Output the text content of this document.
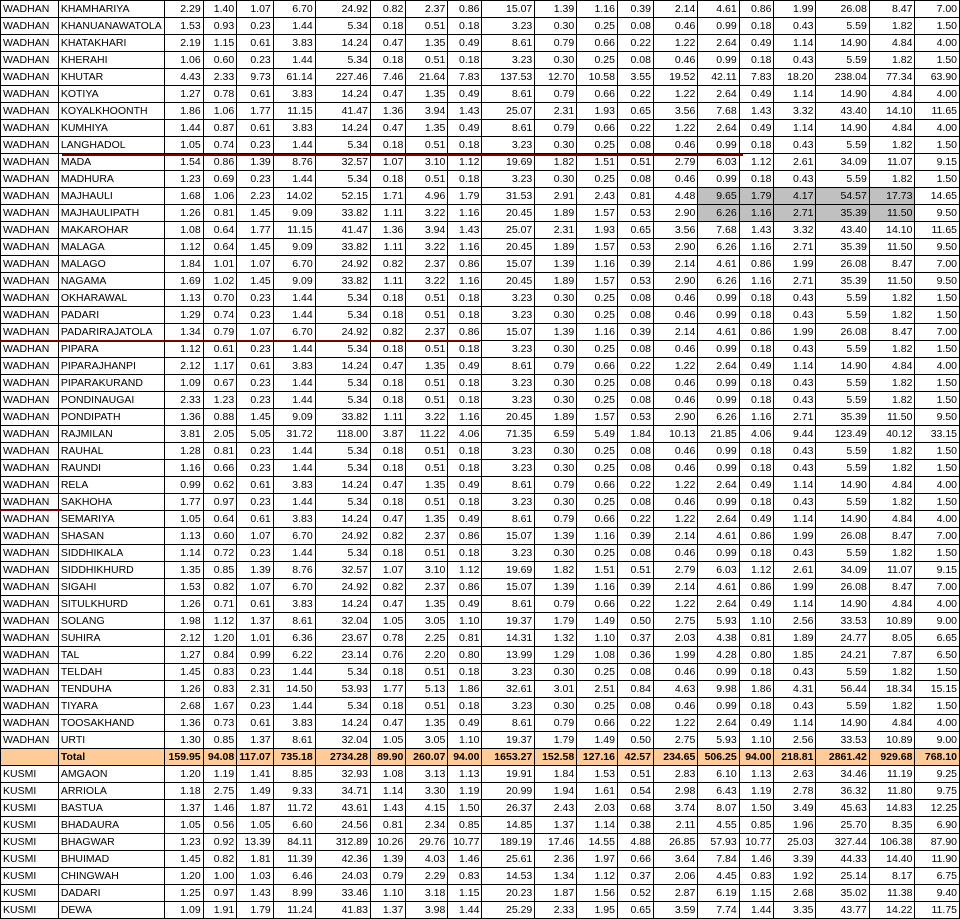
WADHAN	KHAMHARIYA	2.29	1.40	1.07	6.70	24.92	0.82	2.37	0.86	15.07	1.39	1.16	0.39	2.14	4.61	0.86	1.99	26.08	8.47	7.00
WADHAN	KHANUANAWATOLA	1.53	0.93	0.23	1.44	5.34	0.18	0.51	0.18	3.23	0.30	0.25	0.08	0.46	0.99	0.18	0.43	5.59	1.82	1.50
WADHAN	KHATAKHARI	2.19	1.15	0.61	3.83	14.24	0.47	1.35	0.49	8.61	0.79	0.66	0.22	1.22	2.64	0.49	1.14	14.90	4.84	4.00
WADHAN	KHERAHI	1.06	0.60	0.23	1.44	5.34	0.18	0.51	0.18	3.23	0.30	0.25	0.08	0.46	0.99	0.18	0.43	5.59	1.82	1.50
WADHAN	KHUTAR	4.43	2.33	9.73	61.14	227.46	7.46	21.64	7.83	137.53	12.70	10.58	3.55	19.52	42.11	7.83	18.20	238.04	77.34	63.90
WADHAN	KOTIYA	1.27	0.78	0.61	3.83	14.24	0.47	1.35	0.49	8.61	0.79	0.66	0.22	1.22	2.64	0.49	1.14	14.90	4.84	4.00
WADHAN	KOYALKHOONTH	1.86	1.06	1.77	11.15	41.47	1.36	3.94	1.43	25.07	2.31	1.93	0.65	3.56	7.68	1.43	3.32	43.40	14.10	11.65
WADHAN	KUMHIYA	1.44	0.87	0.61	3.83	14.24	0.47	1.35	0.49	8.61	0.79	0.66	0.22	1.22	2.64	0.49	1.14	14.90	4.84	4.00
WADHAN	LANGHADOL	1.05	0.74	0.23	1.44	5.34	0.18	0.51	0.18	3.23	0.30	0.25	0.08	0.46	0.99	0.18	0.43	5.59	1.82	1.50
WADHAN	MADA	1.54	0.86	1.39	8.76	32.57	1.07	3.10	1.12	19.69	1.82	1.51	0.51	2.79	6.03	1.12	2.61	34.09	11.07	9.15
WADHAN	MADHURA	1.23	0.69	0.23	1.44	5.34	0.18	0.51	0.18	3.23	0.30	0.25	0.08	0.46	0.99	0.18	0.43	5.59	1.82	1.50
WADHAN	MAJHAULI	1.68	1.06	2.23	14.02	52.15	1.71	4.96	1.79	31.53	2.91	2.43	0.81	4.48	9.65	1.79	4.17	54.57	17.73	14.65
WADHAN	MAJHAULIPATH	1.26	0.81	1.45	9.09	33.82	1.11	3.22	1.16	20.45	1.89	1.57	0.53	2.90	6.26	1.16	2.71	35.39	11.50	9.50
WADHAN	MAKAROHAR	1.08	0.64	1.77	11.15	41.47	1.36	3.94	1.43	25.07	2.31	1.93	0.65	3.56	7.68	1.43	3.32	43.40	14.10	11.65
WADHAN	MALAGA	1.12	0.64	1.45	9.09	33.82	1.11	3.22	1.16	20.45	1.89	1.57	0.53	2.90	6.26	1.16	2.71	35.39	11.50	9.50
WADHAN	MALAGO	1.84	1.01	1.07	6.70	24.92	0.82	2.37	0.86	15.07	1.39	1.16	0.39	2.14	4.61	0.86	1.99	26.08	8.47	7.00
WADHAN	NAGAMA	1.69	1.02	1.45	9.09	33.82	1.11	3.22	1.16	20.45	1.89	1.57	0.53	2.90	6.26	1.16	2.71	35.39	11.50	9.50
WADHAN	OKHARAWAL	1.13	0.70	0.23	1.44	5.34	0.18	0.51	0.18	3.23	0.30	0.25	0.08	0.46	0.99	0.18	0.43	5.59	1.82	1.50
WADHAN	PADARI	1.29	0.74	0.23	1.44	5.34	0.18	0.51	0.18	3.23	0.30	0.25	0.08	0.46	0.99	0.18	0.43	5.59	1.82	1.50
WADHAN	PADARIRAJATOLA	1.34	0.79	1.07	6.70	24.92	0.82	2.37	0.86	15.07	1.39	1.16	0.39	2.14	4.61	0.86	1.99	26.08	8.47	7.00
WADHAN	PIPARA	1.12	0.61	0.23	1.44	5.34	0.18	0.51	0.18	3.23	0.30	0.25	0.08	0.46	0.99	0.18	0.43	5.59	1.82	1.50
WADHAN	PIPARAJHANPI	2.12	1.17	0.61	3.83	14.24	0.47	1.35	0.49	8.61	0.79	0.66	0.22	1.22	2.64	0.49	1.14	14.90	4.84	4.00
WADHAN	PIPARAKURAND	1.09	0.67	0.23	1.44	5.34	0.18	0.51	0.18	3.23	0.30	0.25	0.08	0.46	0.99	0.18	0.43	5.59	1.82	1.50
WADHAN	PONDINAUGAI	2.33	1.23	0.23	1.44	5.34	0.18	0.51	0.18	3.23	0.30	0.25	0.08	0.46	0.99	0.18	0.43	5.59	1.82	1.50
WADHAN	PONDIPATH	1.36	0.88	1.45	9.09	33.82	1.11	3.22	1.16	20.45	1.89	1.57	0.53	2.90	6.26	1.16	2.71	35.39	11.50	9.50
WADHAN	RAJMILAN	3.81	2.05	5.05	31.72	118.00	3.87	11.22	4.06	71.35	6.59	5.49	1.84	10.13	21.85	4.06	9.44	123.49	40.12	33.15
WADHAN	RAUHAL	1.28	0.81	0.23	1.44	5.34	0.18	0.51	0.18	3.23	0.30	0.25	0.08	0.46	0.99	0.18	0.43	5.59	1.82	1.50
WADHAN	RAUNDI	1.16	0.66	0.23	1.44	5.34	0.18	0.51	0.18	3.23	0.30	0.25	0.08	0.46	0.99	0.18	0.43	5.59	1.82	1.50
WADHAN	RELA	0.99	0.62	0.61	3.83	14.24	0.47	1.35	0.49	8.61	0.79	0.66	0.22	1.22	2.64	0.49	1.14	14.90	4.84	4.00
WADHAN	SAKHOHA	1.77	0.97	0.23	1.44	5.34	0.18	0.51	0.18	3.23	0.30	0.25	0.08	0.46	0.99	0.18	0.43	5.59	1.82	1.50
WADHAN	SEMARIYA	1.05	0.64	0.61	3.83	14.24	0.47	1.35	0.49	8.61	0.79	0.66	0.22	1.22	2.64	0.49	1.14	14.90	4.84	4.00
WADHAN	SHASAN	1.13	0.60	1.07	6.70	24.92	0.82	2.37	0.86	15.07	1.39	1.16	0.39	2.14	4.61	0.86	1.99	26.08	8.47	7.00
WADHAN	SIDDHIKALA	1.14	0.72	0.23	1.44	5.34	0.18	0.51	0.18	3.23	0.30	0.25	0.08	0.46	0.99	0.18	0.43	5.59	1.82	1.50
WADHAN	SIDDHIKHURD	1.35	0.85	1.39	8.76	32.57	1.07	3.10	1.12	19.69	1.82	1.51	0.51	2.79	6.03	1.12	2.61	34.09	11.07	9.15
WADHAN	SIGAHI	1.53	0.82	1.07	6.70	24.92	0.82	2.37	0.86	15.07	1.39	1.16	0.39	2.14	4.61	0.86	1.99	26.08	8.47	7.00
WADHAN	SITULKHURD	1.26	0.71	0.61	3.83	14.24	0.47	1.35	0.49	8.61	0.79	0.66	0.22	1.22	2.64	0.49	1.14	14.90	4.84	4.00
WADHAN	SOLANG	1.98	1.12	1.37	8.61	32.04	1.05	3.05	1.10	19.37	1.79	1.49	0.50	2.75	5.93	1.10	2.56	33.53	10.89	9.00
WADHAN	SUHIRA	2.12	1.20	1.01	6.36	23.67	0.78	2.25	0.81	14.31	1.32	1.10	0.37	2.03	4.38	0.81	1.89	24.77	8.05	6.65
WADHAN	TAL	1.27	0.84	0.99	6.22	23.14	0.76	2.20	0.80	13.99	1.29	1.08	0.36	1.99	4.28	0.80	1.85	24.21	7.87	6.50
WADHAN	TELDAH	1.45	0.83	0.23	1.44	5.34	0.18	0.51	0.18	3.23	0.30	0.25	0.08	0.46	0.99	0.18	0.43	5.59	1.82	1.50
WADHAN	TENDUHA	1.26	0.83	2.31	14.50	53.93	1.77	5.13	1.86	32.61	3.01	2.51	0.84	4.63	9.98	1.86	4.31	56.44	18.34	15.15
WADHAN	TIYARA	2.68	1.67	0.23	1.44	5.34	0.18	0.51	0.18	3.23	0.30	0.25	0.08	0.46	0.99	0.18	0.43	5.59	1.82	1.50
WADHAN	TOOSAKHAND	1.36	0.73	0.61	3.83	14.24	0.47	1.35	0.49	8.61	0.79	0.66	0.22	1.22	2.64	0.49	1.14	14.90	4.84	4.00
WADHAN	URTI	1.30	0.85	1.37	8.61	32.04	1.05	3.05	1.10	19.37	1.79	1.49	0.50	2.75	5.93	1.10	2.56	33.53	10.89	9.00
	Total	159.95	94.08	117.07	735.18	2734.28	89.90	260.07	94.00	1653.27	152.58	127.16	42.57	234.65	506.25	94.00	218.81	2861.42	929.68	768.10
KUSMI	AMGAON	1.20	1.19	1.41	8.85	32.93	1.08	3.13	1.13	19.91	1.84	1.53	0.51	2.83	6.10	1.13	2.63	34.46	11.19	9.25
KUSMI	ARRIOLA	1.18	2.75	1.49	9.33	34.71	1.14	3.30	1.19	20.99	1.94	1.61	0.54	2.98	6.43	1.19	2.78	36.32	11.80	9.75
KUSMI	BASTUA	1.37	1.46	1.87	11.72	43.61	1.43	4.15	1.50	26.37	2.43	2.03	0.68	3.74	8.07	1.50	3.49	45.63	14.83	12.25
KUSMI	BHADAURA	1.05	0.56	1.05	6.60	24.56	0.81	2.34	0.85	14.85	1.37	1.14	0.38	2.11	4.55	0.85	1.96	25.70	8.35	6.90
KUSMI	BHAGWAR	1.23	0.92	13.39	84.11	312.89	10.26	29.76	10.77	189.19	17.46	14.55	4.88	26.85	57.93	10.77	25.03	327.44	106.38	87.90
KUSMI	BHUIMAD	1.45	0.82	1.81	11.39	42.36	1.39	4.03	1.46	25.61	2.36	1.97	0.66	3.64	7.84	1.46	3.39	44.33	14.40	11.90
KUSMI	CHINGWAH	1.20	1.00	1.03	6.46	24.03	0.79	2.29	0.83	14.53	1.34	1.12	0.37	2.06	4.45	0.83	1.92	25.14	8.17	6.75
KUSMI	DADARI	1.25	0.97	1.43	8.99	33.46	1.10	3.18	1.15	20.23	1.87	1.56	0.52	2.87	6.19	1.15	2.68	35.02	11.38	9.40
KUSMI	DEWA	1.09	1.91	1.79	11.24	41.83	1.37	3.98	1.44	25.29	2.33	1.95	0.65	3.59	7.74	1.44	3.35	43.77	14.22	11.75
